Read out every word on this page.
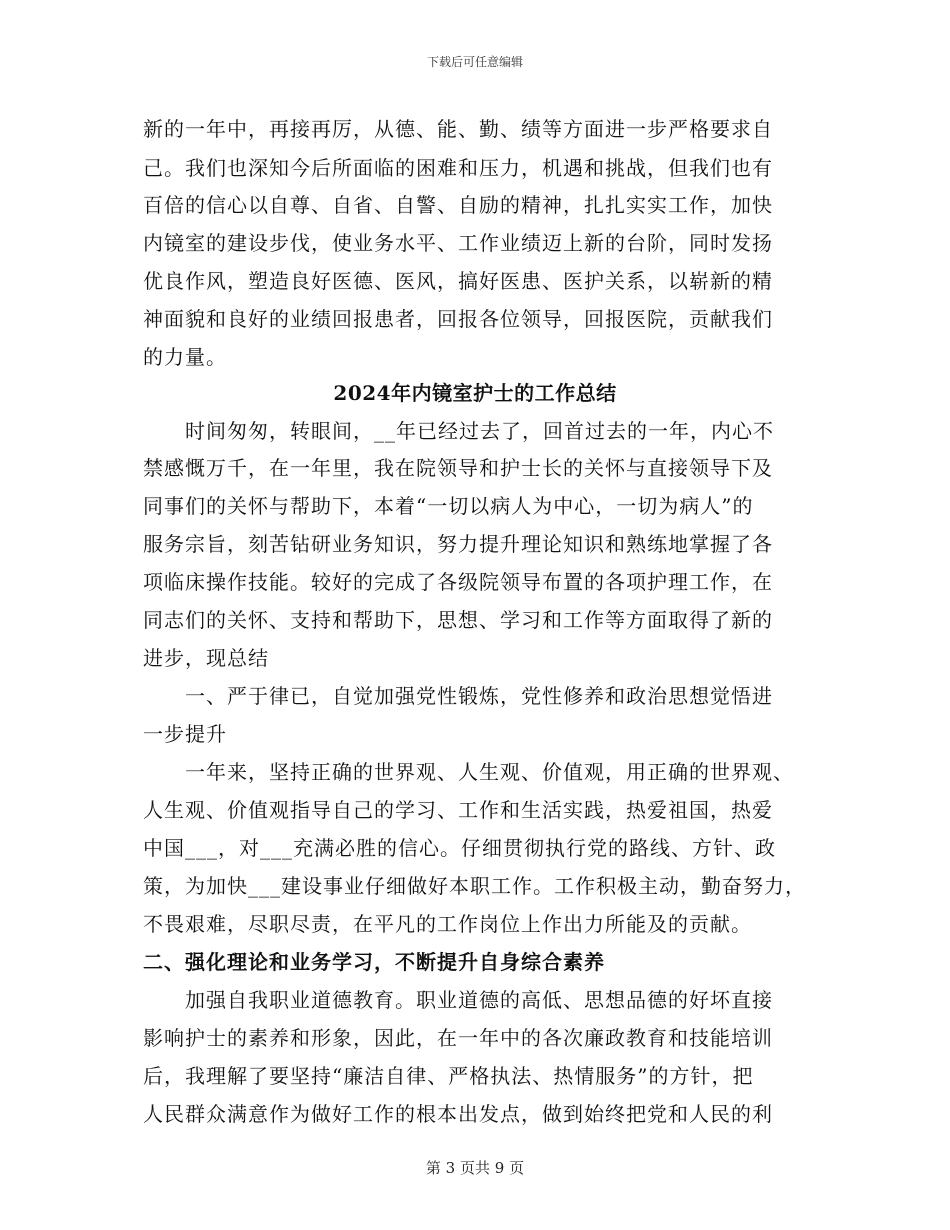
下载后可任意编辑
新的一年中，再接再厉，从德、能、勤、绩等方面进一步严格要求自
己。我们也深知今后所面临的困难和压力，机遇和挑战，但我们也有
百倍的信心以自尊、自省、自警、自励的精神，扎扎实实工作，加快
内镜室的建设步伐，使业务水平、工作业绩迈上新的台阶，同时发扬
优良作风，塑造良好医德、医风，搞好医患、医护关系，以崭新的精
神面貌和良好的业绩回报患者，回报各位领导，回报医院，贡献我们
的力量。
2024年内镜室护士的工作总结
时间匆匆，转眼间，__年已经过去了，回首过去的一年，内心不
禁感慨万千，在一年里，我在院领导和护士长的关怀与直接领导下及
同事们的关怀与帮助下，本着“一切以病人为中心，一切为病人”的
服务宗旨，刻苦钻研业务知识，努力提升理论知识和熟练地掌握了各
项临床操作技能。较好的完成了各级院领导布置的各项护理工作，在
同志们的关怀、支持和帮助下，思想、学习和工作等方面取得了新的
进步，现总结
一、严于律已，自觉加强党性锻炼，党性修养和政治思想觉悟进
一步提升
一年来，坚持正确的世界观、人生观、价值观，用正确的世界观、
人生观、价值观指导自己的学习、工作和生活实践，热爱祖国，热爱
中国___，对___充满必胜的信心。仔细贯彻执行党的路线、方针、政
策，为加快___建设事业仔细做好本职工作。工作积极主动，勤奋努力，
不畏艰难，尽职尽责，在平凡的工作岗位上作出力所能及的贡献。
二、强化理论和业务学习，不断提升自身综合素养
加强自我职业道德教育。职业道德的高低、思想品德的好坏直接
影响护士的素养和形象，因此，在一年中的各次廉政教育和技能培训
后，我理解了要坚持“廉洁自律、严格执法、热情服务”的方针，把
人民群众满意作为做好工作的根本出发点，做到始终把党和人民的利
第 3 页共 9 页
